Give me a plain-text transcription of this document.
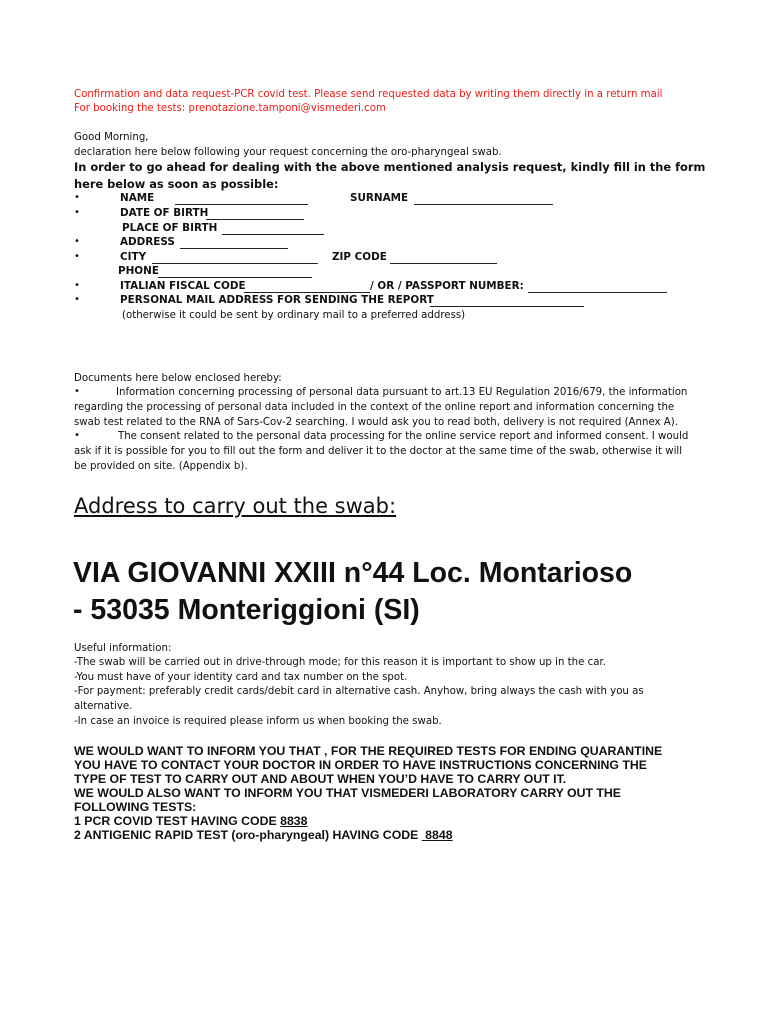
Confirmation and data request-PCR covid test. Please send requested data by writing them directly in a return mail
For booking the tests: prenotazione.tamponi@vismederi.com
Good Morning,
declaration here below following your request concerning the oro-pharyngeal swab.
In order to go ahead for dealing with the above mentioned analysis request, kindly fill in the form
here below as soon as possible:
•	NAME	SURNAME
•	DATE OF BIRTH
PLACE OF BIRTH
•	ADDRESS
•	CITY	ZIP CODE
PHONE
•	ITALIAN FISCAL CODE	/ OR / PASSPORT NUMBER:
•	PERSONAL MAIL ADDRESS FOR SENDING THE REPORT
(otherwise it could be sent by ordinary mail to a preferred address)
Documents here below enclosed hereby:
•	Information concerning processing of personal data pursuant to art.13 EU Regulation 2016/679, the information
regarding the processing of personal data included in the context of the online report and information concerning the
swab test related to the RNA of Sars-Cov-2 searching. I would ask you to read both, delivery is not required (Annex A).
•	The consent related to the personal data processing for the online service report and informed consent. I would
ask if it is possible for you to fill out the form and deliver it to the doctor at the same time of the swab, otherwise it will
be provided on site. (Appendix b).
Address to carry out the swab:
VIA GIOVANNI XXIII n°44 Loc. Montarioso
- 53035 Monteriggioni (SI)
Useful information:
-The swab will be carried out in drive-through mode; for this reason it is important to show up in the car.
-You must have of your identity card and tax number on the spot.
-For payment: preferably credit cards/debit card in alternative cash. Anyhow, bring always the cash with you as
alternative.
-In case an invoice is required please inform us when booking the swab.
WE WOULD WANT TO INFORM YOU THAT , FOR THE REQUIRED TESTS FOR ENDING QUARANTINE
YOU HAVE TO CONTACT YOUR DOCTOR IN ORDER TO HAVE INSTRUCTIONS CONCERNING THE
TYPE OF TEST TO CARRY OUT AND ABOUT WHEN YOU’D HAVE TO CARRY OUT IT.
WE WOULD ALSO WANT TO INFORM YOU THAT VISMEDERI LABORATORY CARRY OUT THE
FOLLOWING TESTS:
1 PCR COVID TEST HAVING CODE 8838
2 ANTIGENIC RAPID TEST (oro-pharyngeal) HAVING CODE  8848
